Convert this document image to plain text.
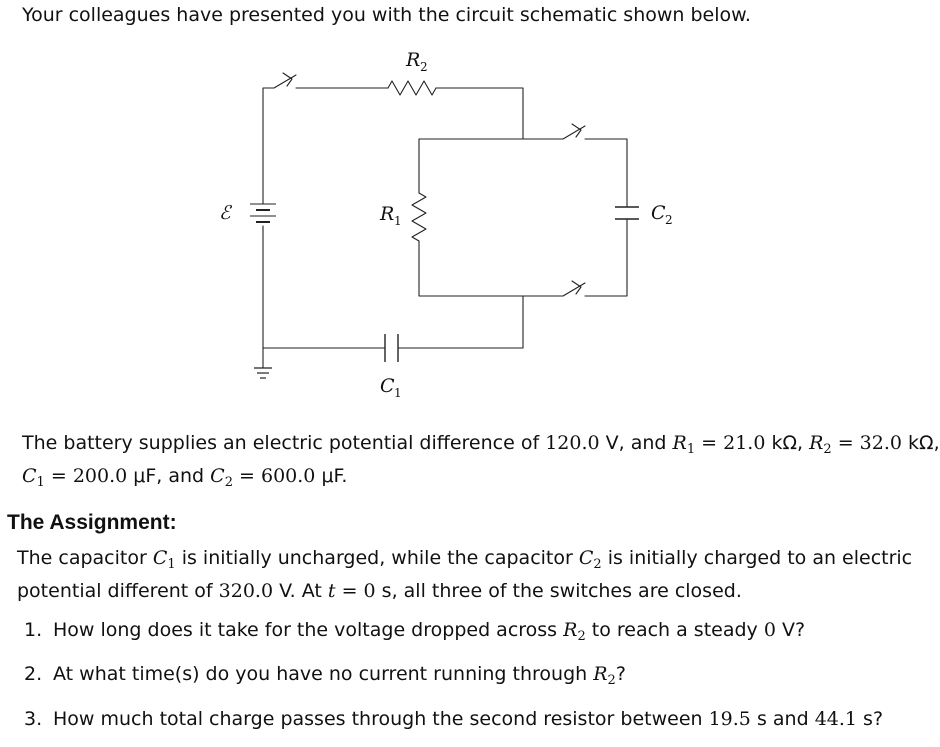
Your colleagues have presented you with the circuit schematic shown below.
ℰ
R 2
R 1	C 2
C 1
The battery supplies an electric potential difference of 120.0 V, and $R_1 = 21.0$ kΩ, $R_2 = 32.0$ kΩ,
$C_1 = 200.0$ μF, and $C_2 = 600.0$ μF.
The Assignment:
The capacitor $C_1$ is initially uncharged, while the capacitor $C_2$ is initially charged to an electric
potential different of 320.0 V. At t = 0 s, all three of the switches are closed.
1. How long does it take for the voltage dropped across $R_2$ to reach a steady 0 V?
2. At what time(s) do you have no current running through $R_2$?
3. How much total charge passes through the second resistor between 19.5 s and 44.1 s?
